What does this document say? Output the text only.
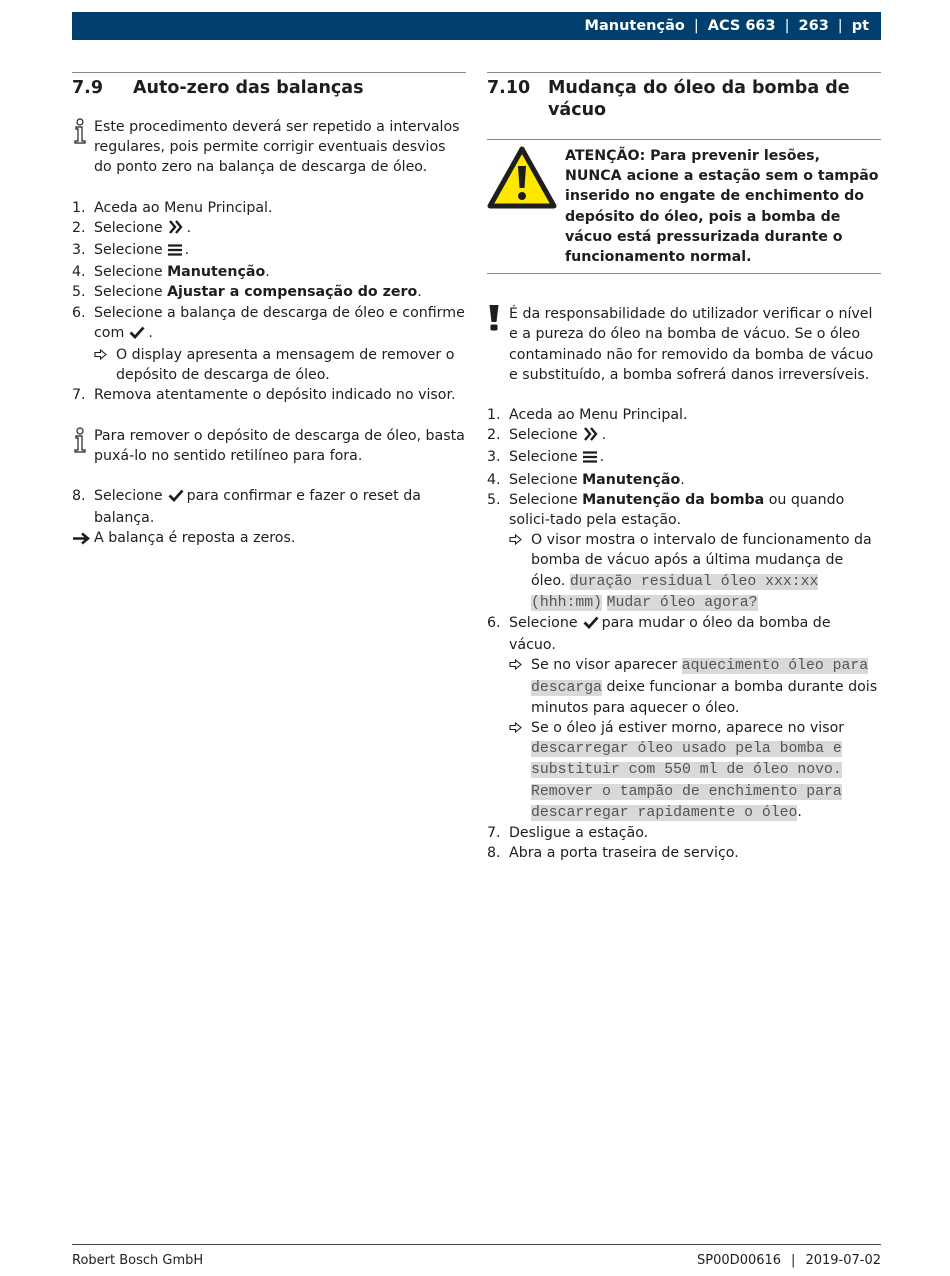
Manutenção | ACS 663 | 263 | pt
7.9	Auto-zero das balanças
Este procedimento deverá ser repetido a intervalos regulares, pois permite corrigir eventuais desvios do ponto zero na balança de descarga de óleo.
1. Aceda ao Menu Principal.
2. Selecione .
3. Selecione .
4. Selecione Manutenção.
5. Selecione Ajustar a compensação do zero.
6. Selecione a balança de descarga de óleo e confirme com .
O display apresenta a mensagem de remover o depósito de descarga de óleo.
7. Remova atentamente o depósito indicado no visor.
Para remover o depósito de descarga de óleo, basta puxá-lo no sentido retilíneo para fora.
8. Selecione para confirmar e fazer o reset da balança.
A balança é reposta a zeros.
7.10	Mudança do óleo da bomba de vácuo
ATENÇÃO: Para prevenir lesões, NUNCA acione a estação sem o tampão inserido no engate de enchimento do depósito do óleo, pois a bomba de vácuo está pressurizada durante o funcionamento normal.
É da responsabilidade do utilizador verificar o nível e a pureza do óleo na bomba de vácuo. Se o óleo contaminado não for removido da bomba de vácuo e substituído, a bomba sofrerá danos irreversíveis.
1. Aceda ao Menu Principal.
2. Selecione .
3. Selecione .
4. Selecione Manutenção.
5. Selecione Manutenção da bomba ou quando solici-tado pela estação.
O visor mostra o intervalo de funcionamento da bomba de vácuo após a última mudança de óleo. duração residual óleo xxx:xx (hhh:mm) Mudar óleo agora?
6. Selecione para mudar o óleo da bomba de vácuo.
Se no visor aparecer aquecimento óleo para descarga deixe funcionar a bomba durante dois minutos para aquecer o óleo.
Se o óleo já estiver morno, aparece no visor descarregar óleo usado pela bomba e substituir com 550 ml de óleo novo. Remover o tampão de enchimento para descarregar rapidamente o óleo.
7. Desligue a estação.
8. Abra a porta traseira de serviço.
Robert Bosch GmbH	SP00D00616 | 2019-07-02
